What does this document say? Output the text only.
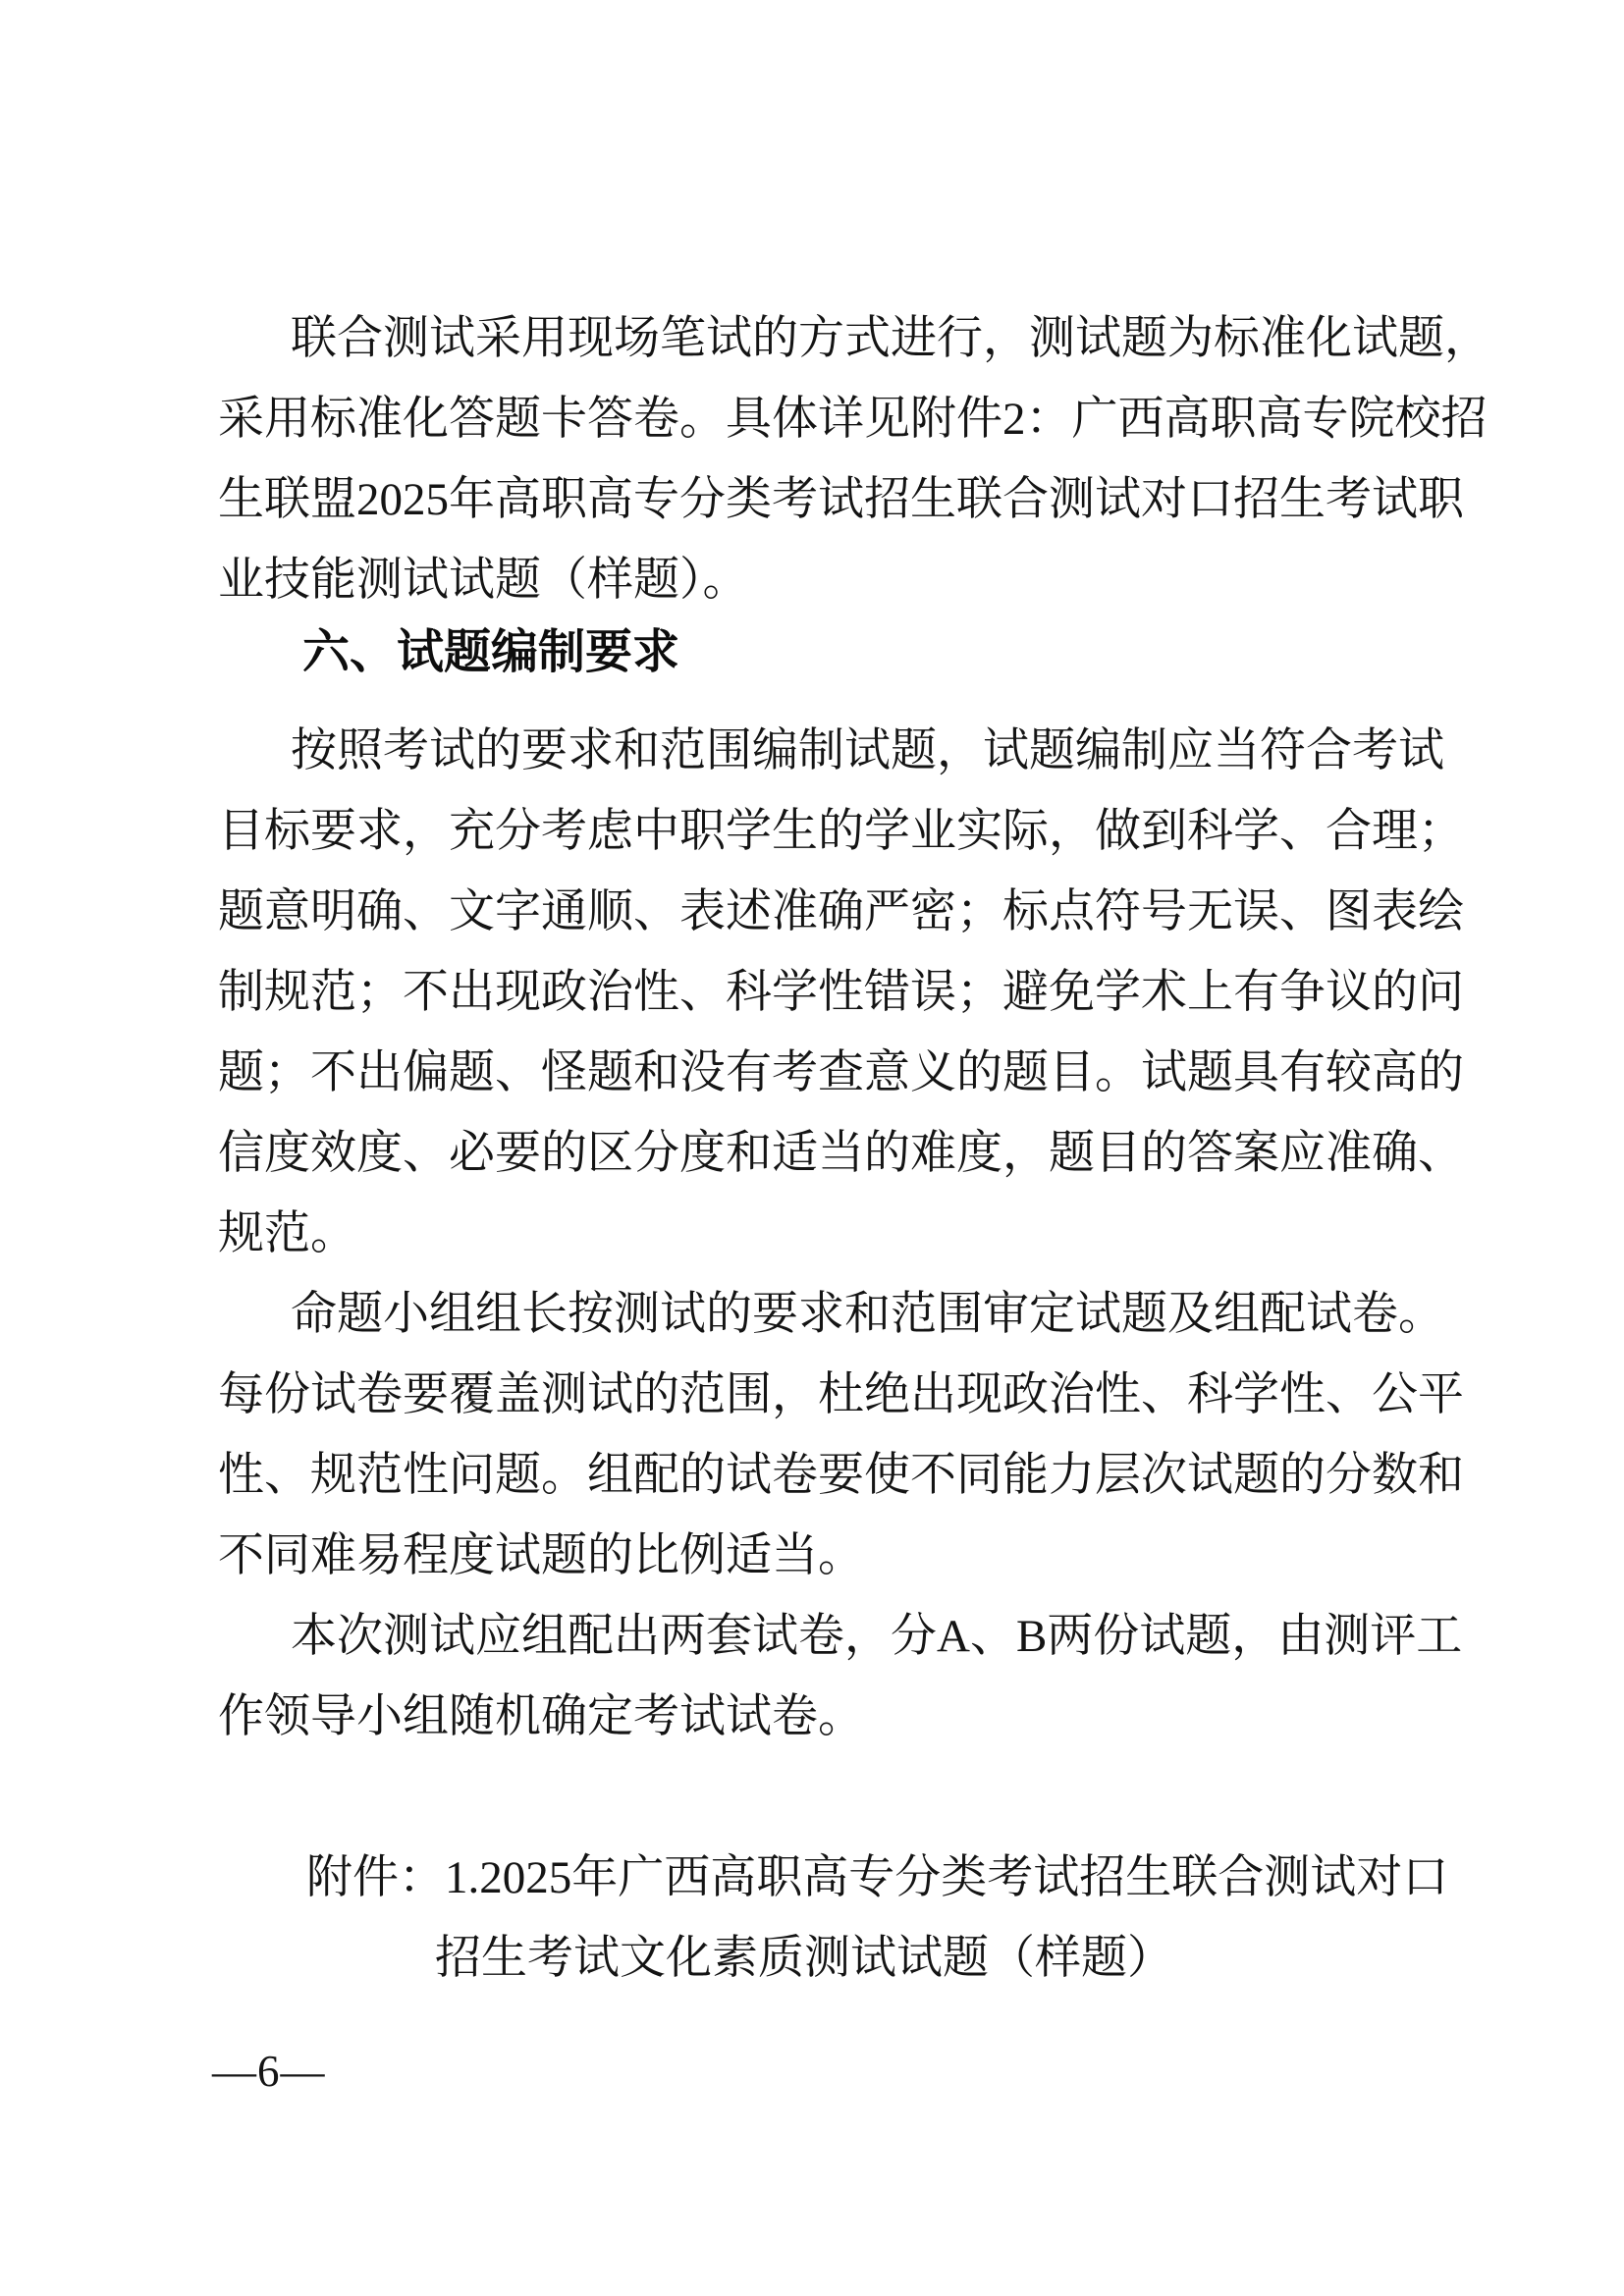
联合测试采用现场笔试的方式进行，测试题为标准化试题，
采用标准化答题卡答卷。具体详见附件2：广西高职高专院校招
生联盟2025年高职高专分类考试招生联合测试对口招生考试职
业技能测试试题（样题）。
六、试题编制要求
按照考试的要求和范围编制试题，试题编制应当符合考试
目标要求，充分考虑中职学生的学业实际，做到科学、合理；
题意明确、文字通顺、表述准确严密；标点符号无误、图表绘
制规范；不出现政治性、科学性错误；避免学术上有争议的问
题；不出偏题、怪题和没有考查意义的题目。试题具有较高的
信度效度、必要的区分度和适当的难度，题目的答案应准确、
规范。
命题小组组长按测试的要求和范围审定试题及组配试卷。
每份试卷要覆盖测试的范围，杜绝出现政治性、科学性、公平
性、规范性问题。组配的试卷要使不同能力层次试题的分数和
不同难易程度试题的比例适当。
本次测试应组配出两套试卷，分A、B两份试题，由测评工
作领导小组随机确定考试试卷。
附件：1.2025年广西高职高专分类考试招生联合测试对口
招生考试文化素质测试试题（样题）
—6—
